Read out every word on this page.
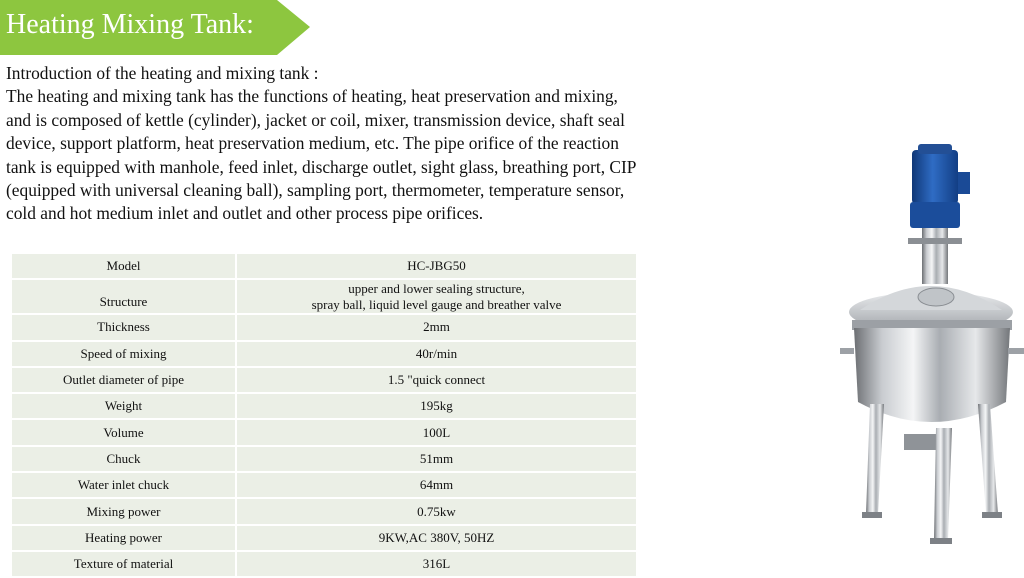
Heating Mixing Tank:

Introduction of the heating and mixing tank :

The heating and mixing tank has the functions of heating, heat preservation and mixing, and is composed of kettle (cylinder), jacket or coil, mixer, transmission device, shaft seal device, support platform, heat preservation medium, etc. The pipe orifice of the reaction tank is equipped with manhole, feed inlet, discharge outlet, sight glass, breathing port, CIP (equipped with universal cleaning ball), sampling port, thermometer, temperature sensor, cold and hot medium inlet and outlet and other process pipe orifices.

Model	HC-JBG50
Structure	upper and lower sealing structure,
spray ball, liquid level gauge and breather valve
Thickness	2mm
Speed of mixing	40r/min
Outlet diameter of pipe	1.5 "quick connect
Weight	195kg
Volume	100L
Chuck	51mm
Water inlet chuck	64mm
Mixing power	0.75kw
Heating power	9KW,AC 380V, 50HZ
Texture of material	316L
